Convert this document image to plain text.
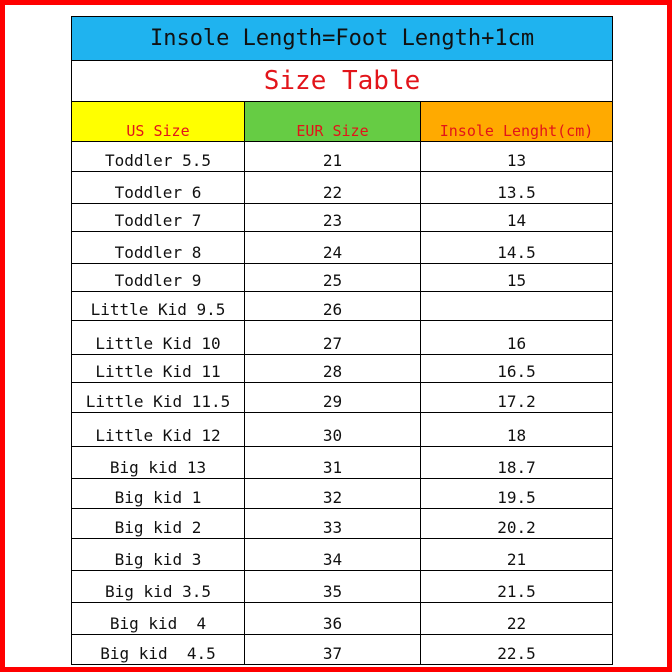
Insole Length=Foot Length+1cm		
Size Table		
US Size	EUR Size	Insole Lenght(cm)
Toddler 5.5	21	13
Toddler 6	22	13.5
Toddler 7	23	14
Toddler 8	24	14.5
Toddler 9	25	15
Little Kid 9.5	26	
Little Kid 10	27	16
Little Kid 11	28	16.5
Little Kid 11.5	29	17.2
Little Kid 12	30	18
Big kid 13	31	18.7
Big kid 1	32	19.5
Big kid 2	33	20.2
Big kid 3	34	21
Big kid 3.5	35	21.5
Big kid  4	36	22
Big kid  4.5	37	22.5
